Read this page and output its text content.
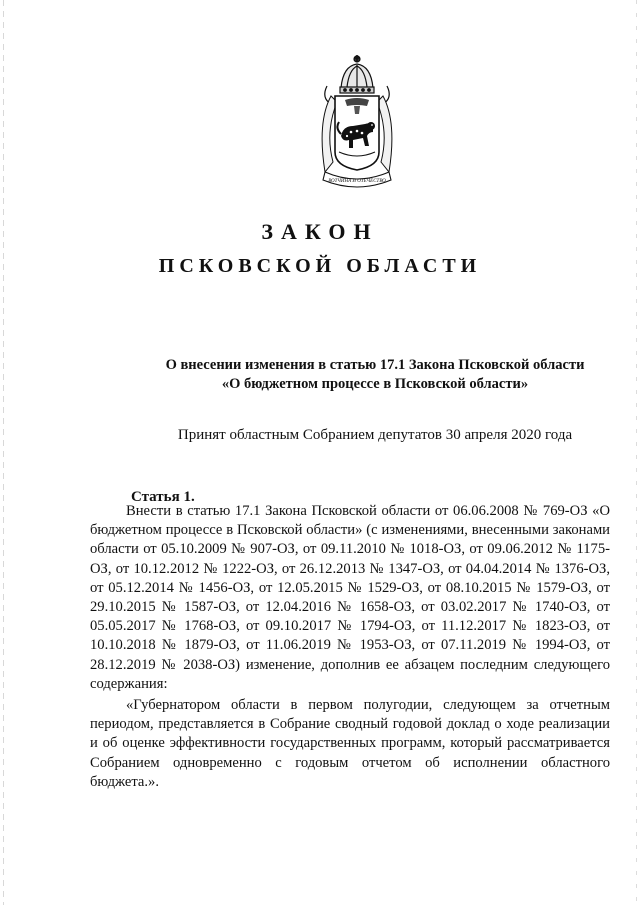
ВОТЧИНА И ОТЕЧЕСТВО
ЗАКОН
ПСКОВСКОЙ ОБЛАСТИ
О внесении изменения в статью 17.1 Закона Псковской области
«О бюджетном процессе в Псковской области»
Принят областным Собранием депутатов 30 апреля 2020 года
Статья 1.

Внести в статью 17.1 Закона Псковской области от 06.06.2008 № 769-ОЗ «О бюджетном процессе в Псковской области» (с изменениями, внесенными законами области от 05.10.2009 № 907-ОЗ, от 09.11.2010 № 1018-ОЗ, от 09.06.2012 № 1175-ОЗ, от 10.12.2012 № 1222-ОЗ, от 26.12.2013 № 1347-ОЗ, от 04.04.2014 № 1376-ОЗ, от 05.12.2014 № 1456-ОЗ, от 12.05.2015 № 1529-ОЗ, от 08.10.2015 № 1579-ОЗ, от 29.10.2015 № 1587-ОЗ, от 12.04.2016 № 1658-ОЗ, от 03.02.2017 № 1740-ОЗ, от 05.05.2017 № 1768-ОЗ, от 09.10.2017 № 1794-ОЗ, от 11.12.2017 № 1823-ОЗ, от 10.10.2018 № 1879-ОЗ, от 11.06.2019 № 1953-ОЗ, от 07.11.2019 № 1994-ОЗ, от 28.12.2019 № 2038-ОЗ) изменение, дополнив ее абзацем последним следующего содержания:

«Губернатором области в первом полугодии, следующем за отчетным периодом, представляется в Собрание сводный годовой доклад о ходе реализации и об оценке эффективности государственных программ, который рассматривается Собранием одновременно с годовым отчетом об исполнении областного бюджета.».
